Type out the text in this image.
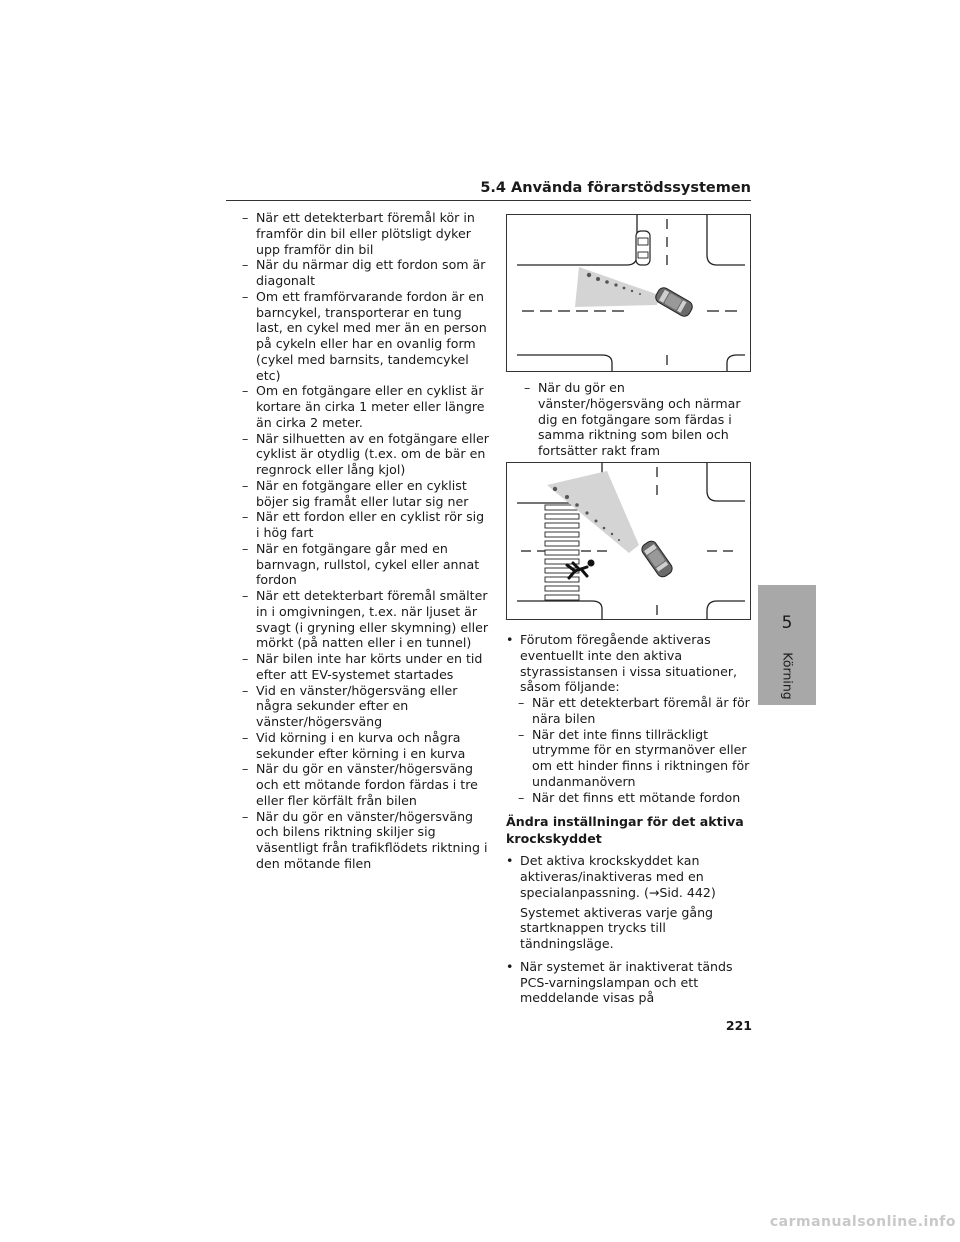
5.4 Använda förarstödssystemen

– När ett detekterbart föremål kör in framför din bil eller plötsligt dyker upp framför din bil

– När du närmar dig ett fordon som är diagonalt

– Om ett framförvarande fordon är en barncykel, transporterar en tung last, en cykel med mer än en person på cykeln eller har en ovanlig form (cykel med barnsits, tandemcykel etc)

– Om en fotgängare eller en cyklist är kortare än cirka 1 meter eller längre än cirka 2 meter.

– När silhuetten av en fotgängare eller cyklist är otydlig (t.ex. om de bär en regnrock eller lång kjol)

– När en fotgängare eller en cyklist böjer sig framåt eller lutar sig ner

– När ett fordon eller en cyklist rör sig i hög fart

– När en fotgängare går med en barnvagn, rullstol, cykel eller annat fordon

– När ett detekterbart föremål smälter in i omgivningen, t.ex. när ljuset är svagt (i gryning eller skymning) eller mörkt (på natten eller i en tunnel)

– När bilen inte har körts under en tid efter att EV-systemet startades

– Vid en vänster/högersväng eller några sekunder efter en vänster/högersväng

– Vid körning i en kurva och några sekunder efter körning i en kurva

– När du gör en vänster/högersväng och ett mötande fordon färdas i tre eller fler körfält från bilen

– När du gör en vänster/högersväng och bilens riktning skiljer sig väsentligt från trafikflödets riktning i den mötande filen

– När du gör en vänster/högersväng och närmar dig en fotgängare som färdas i samma riktning som bilen och fortsätter rakt fram

• Förutom föregående aktiveras eventuellt inte den aktiva styrassistansen i vissa situationer, såsom följande:

– När ett detekterbart föremål är för nära bilen

– När det inte finns tillräckligt utrymme för en styrmanöver eller om ett hinder finns i riktningen för undanmanövern

– När det finns ett mötande fordon

Ändra inställningar för det aktiva krockskyddet

• Det aktiva krockskyddet kan aktiveras/inaktiveras med en specialanpassning. (→Sid. 442)

Systemet aktiveras varje gång startknappen trycks till tändningsläge.

• När systemet är inaktiverat tänds PCS-varningslampan och ett meddelande visas på

5
Körning
221
carmanualsonline.info
